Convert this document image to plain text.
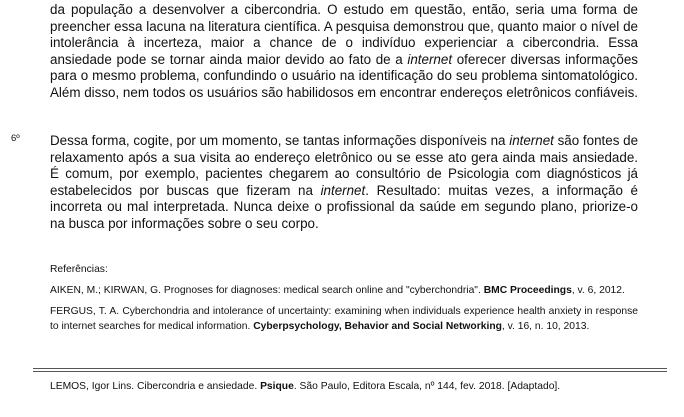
da população a desenvolver a cibercondria. O estudo em questão, então, seria uma forma de preencher essa lacuna na literatura científica. A pesquisa demonstrou que, quanto maior o nível de intolerância à incerteza, maior a chance de o indivíduo experienciar a cibercondria. Essa ansiedade pode se tornar ainda maior devido ao fato de a internet oferecer diversas informações para o mesmo problema, confundindo o usuário na identificação do seu problema sintomatológico. Além disso, nem todos os usuários são habilidosos em encontrar endereços eletrônicos confiáveis.
6º Dessa forma, cogite, por um momento, se tantas informações disponíveis na internet são fontes de relaxamento após a sua visita ao endereço eletrônico ou se esse ato gera ainda mais ansiedade. É comum, por exemplo, pacientes chegarem ao consultório de Psicologia com diagnósticos já estabelecidos por buscas que fizeram na internet. Resultado: muitas vezes, a informação é incorreta ou mal interpretada. Nunca deixe o profissional da saúde em segundo plano, priorize-o na busca por informações sobre o seu corpo.
Referências:
AIKEN, M.; KIRWAN, G. Prognoses for diagnoses: medical search online and "cyberchondria". BMC Proceedings, v. 6, 2012.
FERGUS, T. A. Cyberchondria and intolerance of uncertainty: examining when individuals experience health anxiety in response to internet searches for medical information. Cyberpsychology, Behavior and Social Networking, v. 16, n. 10, 2013.
LEMOS, Igor Lins. Cibercondria e ansiedade. Psique. São Paulo, Editora Escala, nº 144, fev. 2018. [Adaptado].
